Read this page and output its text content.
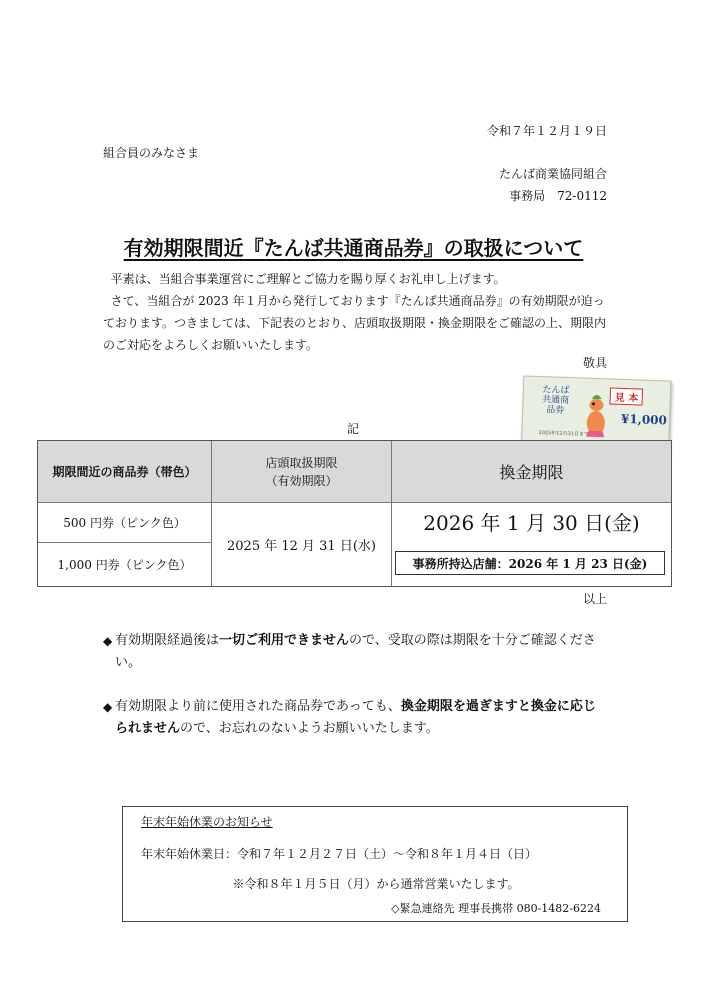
令和７年１２月１９日
組合員のみなさま
たんば商業協同組合
事務局　72-0112
有効期限間近『たんば共通商品券』の取扱について
平素は、当組合事業運営にご理解とご協力を賜り厚くお礼申し上げます。
さて、当組合が 2023 年１月から発行しております『たんば共通商品券』の有効期限が迫っております。つきましては、下記表のとおり、店頭取扱期限・換金期限をご確認の上、期限内のご対応をよろしくお願いいたします。
敬具
記
たんば共通商品券
見 本
¥1,000
2025年12月31日まで
期限間近の商品券（帯色）
店頭取扱期限
（有効期限）	換金期限
500 円券（ピンク色）
1,000 円券（ピンク色）
2025 年 12 月 31 日(水)
2026 年 1 月 30 日(金)
事務所持込店舗：2026 年 1 月 23 日(金)
以上
◆ 有効期限経過後は一切ご利用できませんので、受取の際は期限を十分ご確認ください。
◆ 有効期限より前に使用された商品券であっても、換金期限を過ぎますと換金に応じられませんので、お忘れのないようお願いいたします。
年末年始休業のお知らせ
年末年始休業日：令和７年１２月２７日（土）～令和８年１月４日（日）
※令和８年１月５日（月）から通常営業いたします。
◇緊急連絡先 理事長携帯 080-1482-6224
